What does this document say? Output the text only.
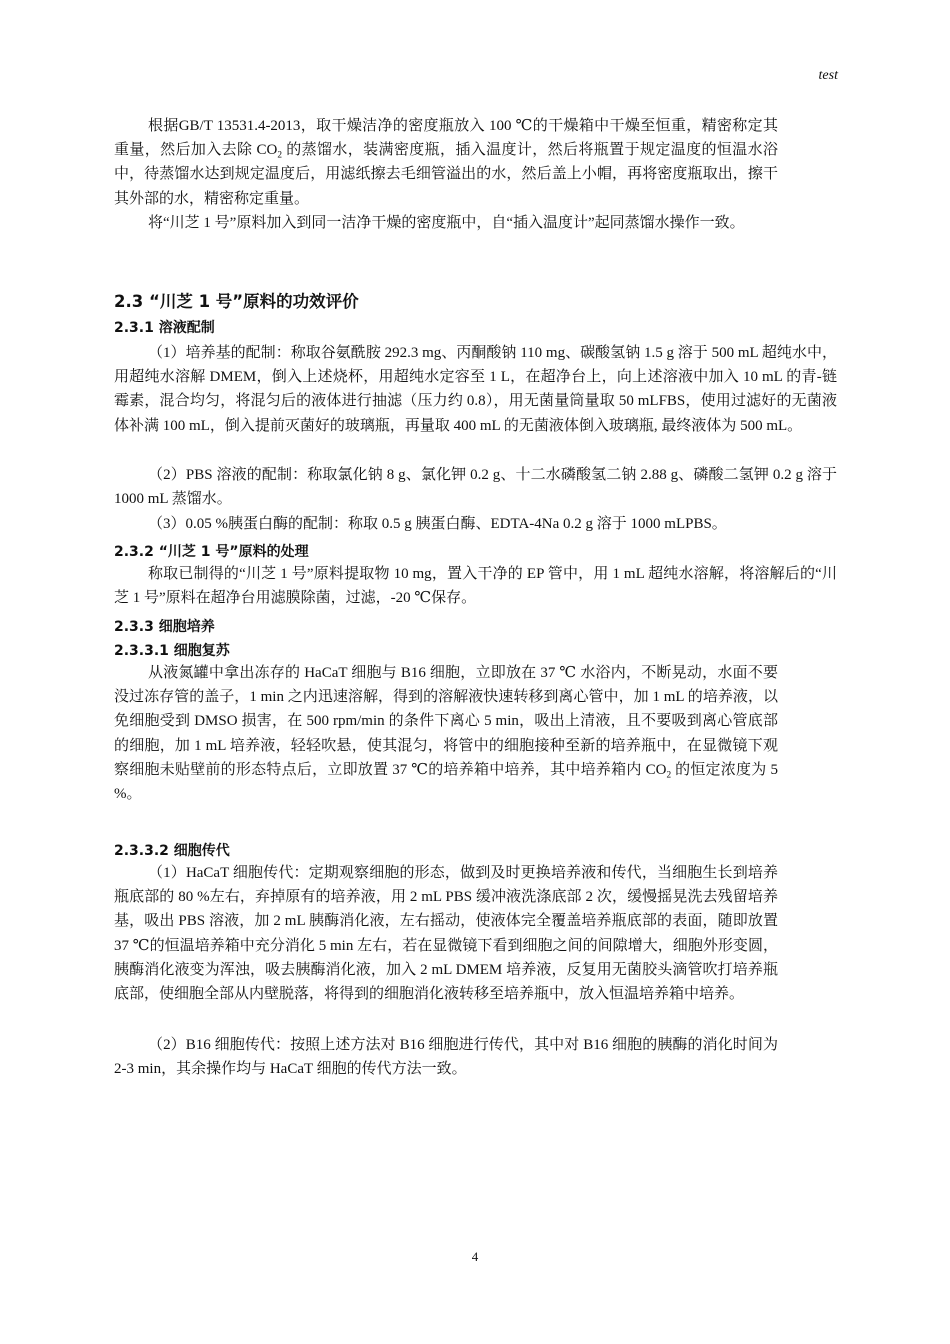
test

根据GB/T 13531.4-2013，取干燥洁净的密度瓶放入 100 ℃的干燥箱中干燥至恒重，精密称定其重量，然后加入去除 $CO_2$ 的蒸馏水，装满密度瓶，插入温度计，然后将瓶置于规定温度的恒温水浴中，待蒸馏水达到规定温度后，用滤纸擦去毛细管溢出的水，然后盖上小帽，再将密度瓶取出，擦干其外部的水，精密称定重量。

将“川芝 1 号”原料加入到同一洁净干燥的密度瓶中，自“插入温度计”起同蒸馏水操作一致。

2.3 “川芝 1 号”原料的功效评价
2.3.1 溶液配制

（1）培养基的配制：称取谷氨酰胺 292.3 mg、丙酮酸钠 110 mg、碳酸氢钠 1.5 g 溶于 500 mL 超纯水中，用超纯水溶解 DMEM，倒入上述烧杯，用超纯水定容至 1 L，在超净台上，向上述溶液中加入 10 mL 的青-链霉素，混合均匀，将混匀后的液体进行抽滤（压力约 0.8），用无菌量筒量取 50 mLFBS，使用过滤好的无菌液体补满 100 mL，倒入提前灭菌好的玻璃瓶，再量取 400 mL 的无菌液体倒入玻璃瓶, 最终液体为 500 mL。

（2）PBS 溶液的配制：称取氯化钠 8 g、氯化钾 0.2 g、十二水磷酸氢二钠 2.88 g、磷酸二氢钾 0.2 g 溶于 1000 mL 蒸馏水。

（3）0.05 %胰蛋白酶的配制：称取 0.5 g 胰蛋白酶、EDTA-4Na 0.2 g 溶于 1000 mLPBS。

2.3.2 “川芝 1 号”原料的处理

称取已制得的“川芝 1 号”原料提取物 10 mg，置入干净的 EP 管中，用 1 mL 超纯水溶解，将溶解后的“川芝 1 号”原料在超净台用滤膜除菌，过滤，-20 ℃保存。

2.3.3 细胞培养
2.3.3.1 细胞复苏

从液氮罐中拿出冻存的 HaCaT 细胞与 B16 细胞，立即放在 37 ℃ 水浴内，不断晃动，水面不要没过冻存管的盖子，1 min 之内迅速溶解，得到的溶解液快速转移到离心管中，加 1 mL 的培养液，以免细胞受到 DMSO 损害，在 500 rpm/min 的条件下离心 5 min，吸出上清液，且不要吸到离心管底部的细胞，加 1 mL 培养液，轻轻吹悬，使其混匀，将管中的细胞接种至新的培养瓶中，在显微镜下观察细胞未贴壁前的形态特点后，立即放置 37 ℃的培养箱中培养，其中培养箱内 $CO_2$ 的恒定浓度为 5 %。

2.3.3.2 细胞传代

（1）HaCaT 细胞传代：定期观察细胞的形态，做到及时更换培养液和传代，当细胞生长到培养瓶底部的 80 %左右，弃掉原有的培养液，用 2 mL PBS 缓冲液洗涤底部 2 次，缓慢摇晃洗去残留培养基，吸出 PBS 溶液，加 2 mL 胰酶消化液，左右摇动，使液体完全覆盖培养瓶底部的表面，随即放置 37 ℃的恒温培养箱中充分消化 5 min 左右，若在显微镜下看到细胞之间的间隙增大，细胞外形变圆，胰酶消化液变为浑浊，吸去胰酶消化液，加入 2 mL DMEM 培养液，反复用无菌胶头滴管吹打培养瓶底部，使细胞全部从内壁脱落，将得到的细胞消化液转移至培养瓶中，放入恒温培养箱中培养。

（2）B16 细胞传代：按照上述方法对 B16 细胞进行传代，其中对 B16 细胞的胰酶的消化时间为 2-3 min，其余操作均与 HaCaT 细胞的传代方法一致。

4
